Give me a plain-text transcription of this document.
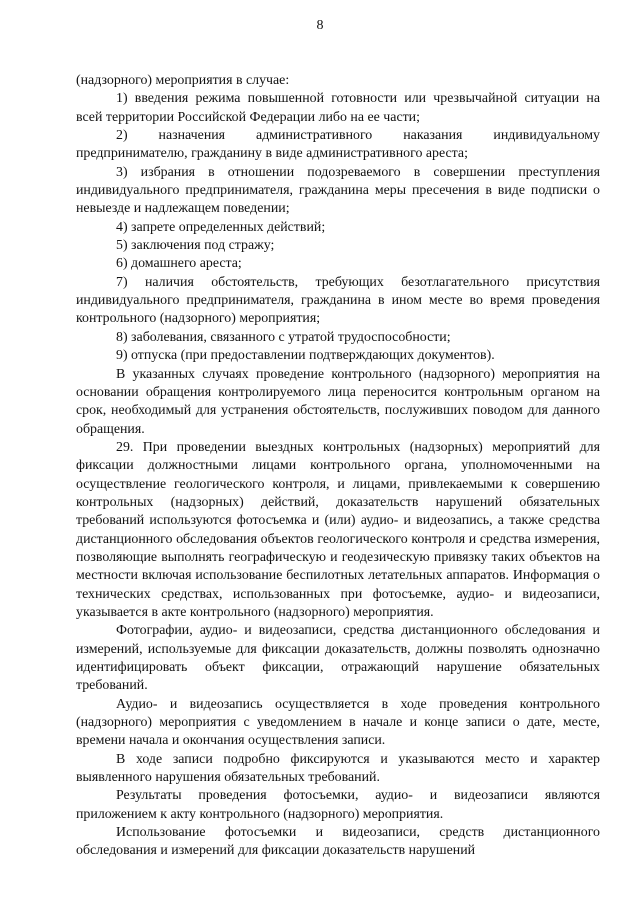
8

(надзорного) мероприятия в случае:

1) введения режима повышенной готовности или чрезвычайной ситуации на всей территории Российской Федерации либо на ее части;

2) назначения административного наказания индивидуальному предпринимателю, гражданину в виде административного ареста;

3) избрания в отношении подозреваемого в совершении преступления индивидуального предпринимателя, гражданина меры пресечения в виде подписки о невыезде и надлежащем поведении;

4) запрете определенных действий;

5) заключения под стражу;

6) домашнего ареста;

7) наличия обстоятельств, требующих безотлагательного присутствия индивидуального предпринимателя, гражданина в ином месте во время проведения контрольного (надзорного) мероприятия;

8) заболевания, связанного с утратой трудоспособности;

9) отпуска (при предоставлении подтверждающих документов).

В указанных случаях проведение контрольного (надзорного) мероприятия на основании обращения контролируемого лица переносится контрольным органом на срок, необходимый для устранения обстоятельств, послуживших поводом для данного обращения.

29. При проведении выездных контрольных (надзорных) мероприятий для фиксации должностными лицами контрольного органа, уполномоченными на осуществление геологического контроля, и лицами, привлекаемыми к совершению контрольных (надзорных) действий, доказательств нарушений обязательных требований используются фотосъемка и (или) аудио- и видеозапись, а также средства дистанционного обследования объектов геологического контроля и средства измерения, позволяющие выполнять географическую и геодезическую привязку таких объектов на местности включая использование беспилотных летательных аппаратов. Информация о технических средствах, использованных при фотосъемке, аудио- и видеозаписи, указывается в акте контрольного (надзорного) мероприятия.

Фотографии, аудио- и видеозаписи, средства дистанционного обследования и измерений, используемые для фиксации доказательств, должны позволять однозначно идентифицировать объект фиксации, отражающий нарушение обязательных требований.

Аудио- и видеозапись осуществляется в ходе проведения контрольного (надзорного) мероприятия с уведомлением в начале и конце записи о дате, месте, времени начала и окончания осуществления записи.

В ходе записи подробно фиксируются и указываются место и характер выявленного нарушения обязательных требований.

Результаты проведения фотосъемки, аудио- и видеозаписи являются приложением к акту контрольного (надзорного) мероприятия.

Использование фотосъемки и видеозаписи, средств дистанционного обследования и измерений для фиксации доказательств нарушений
